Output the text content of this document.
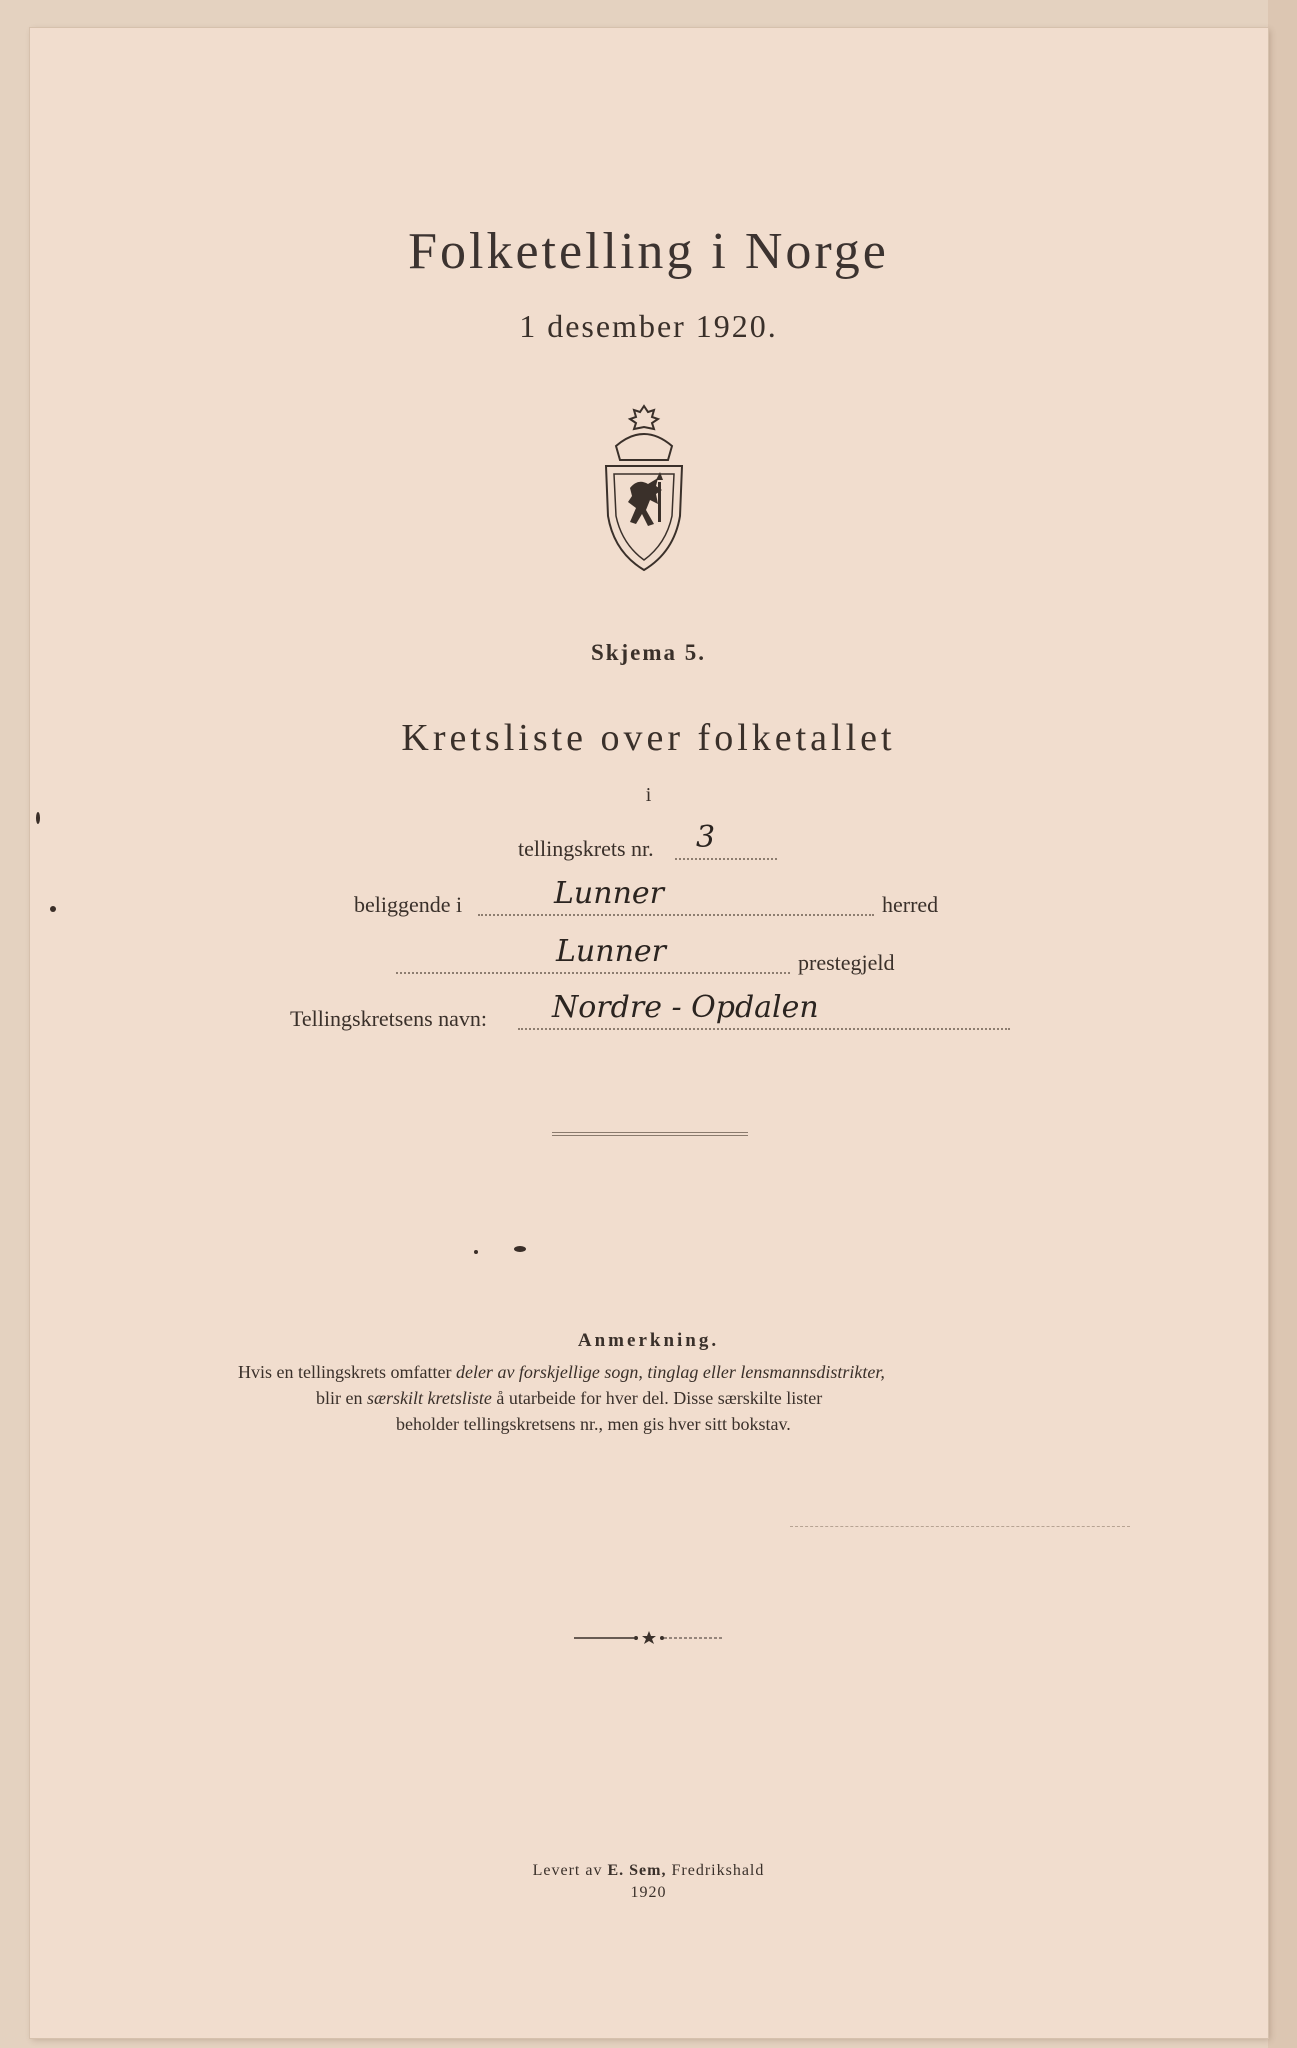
Folketelling i Norge
1 desember 1920.
Skjema 5.
Kretsliste over folketallet
i
tellingskrets nr. 3
beliggende i	Lunner	herred
Lunner	prestegjeld
Tellingskretsens navn: Nordre - Opdalen
Anmerkning.
Hvis en tellingskrets omfatter deler av forskjellige sogn, tinglag eller lensmannsdistrikter,
blir en særskilt kretsliste å utarbeide for hver del. Disse særskilte lister
beholder tellingskretsens nr., men gis hver sitt bokstav.
Levert av E. Sem, Fredrikshald
1920
